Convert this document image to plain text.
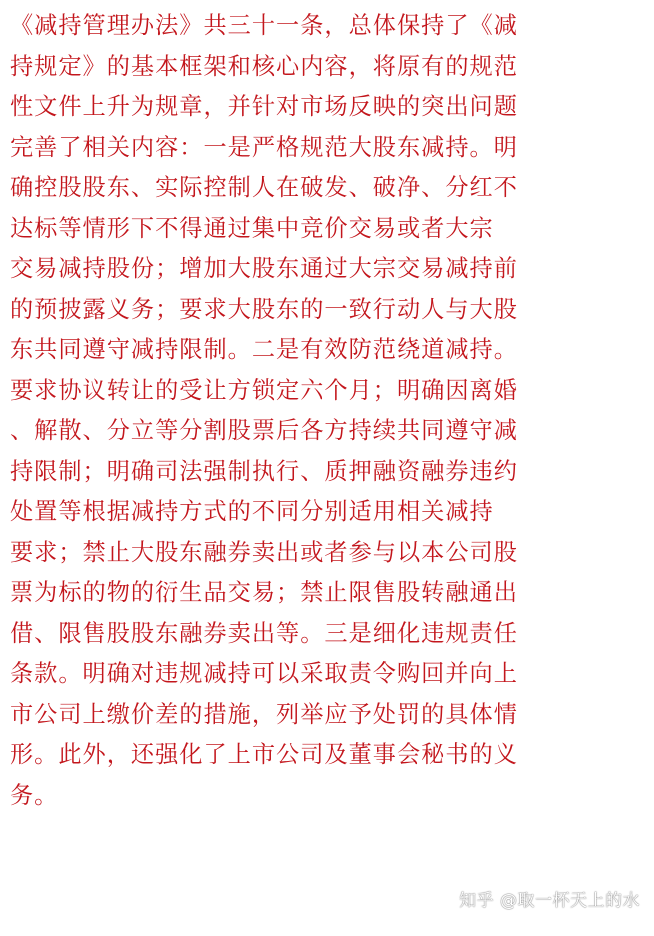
《减持管理办法》共三十一条，总体保持了《减
持规定》的基本框架和核心内容，将原有的规范
性文件上升为规章，并针对市场反映的突出问题
完善了相关内容：一是严格规范大股东减持。明
确控股股东、实际控制人在破发、破净、分红不
达标等情形下不得通过集中竞价交易或者大宗
交易减持股份；增加大股东通过大宗交易减持前
的预披露义务；要求大股东的一致行动人与大股
东共同遵守减持限制。二是有效防范绕道减持。
要求协议转让的受让方锁定六个月；明确因离婚
、解散、分立等分割股票后各方持续共同遵守减
持限制；明确司法强制执行、质押融资融券违约
处置等根据减持方式的不同分别适用相关减持
要求；禁止大股东融券卖出或者参与以本公司股
票为标的物的衍生品交易；禁止限售股转融通出
借、限售股股东融券卖出等。三是细化违规责任
条款。明确对违规减持可以采取责令购回并向上
市公司上缴价差的措施，列举应予处罚的具体情
形。此外，还强化了上市公司及董事会秘书的义
务。
知乎 @取一杯天上的水
